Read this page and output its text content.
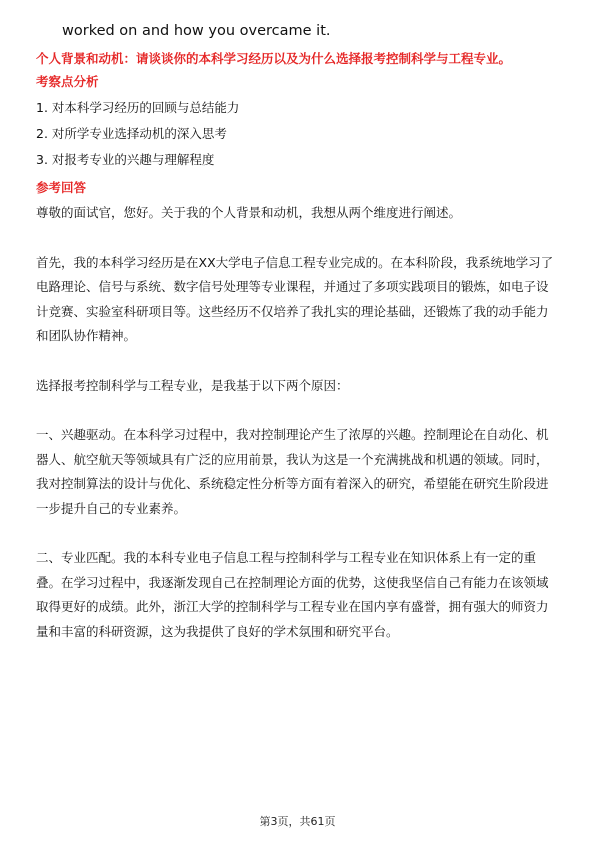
worked on and how you overcame it.

个人背景和动机：请谈谈你的本科学习经历以及为什么选择报考控制科学与工程专业。

考察点分析
1. 对本科学习经历的回顾与总结能力
2. 对所学专业选择动机的深入思考
3. 对报考专业的兴趣与理解程度
参考回答

尊敬的面试官，您好。关于我的个人背景和动机，我想从两个维度进行阐述。

首先，我的本科学习经历是在XX大学电子信息工程专业完成的。在本科阶段，我系统地学习了电路理论、信号与系统、数字信号处理等专业课程，并通过了多项实践项目的锻炼，如电子设计竞赛、实验室科研项目等。这些经历不仅培养了我扎实的理论基础，还锻炼了我的动手能力和团队协作精神。

选择报考控制科学与工程专业，是我基于以下两个原因：

一、兴趣驱动。在本科学习过程中，我对控制理论产生了浓厚的兴趣。控制理论在自动化、机器人、航空航天等领域具有广泛的应用前景，我认为这是一个充满挑战和机遇的领域。同时，我对控制算法的设计与优化、系统稳定性分析等方面有着深入的研究，希望能在研究生阶段进一步提升自己的专业素养。

二、专业匹配。我的本科专业电子信息工程与控制科学与工程专业在知识体系上有一定的重叠。在学习过程中，我逐渐发现自己在控制理论方面的优势，这使我坚信自己有能力在该领域取得更好的成绩。此外，浙江大学的控制科学与工程专业在国内享有盛誉，拥有强大的师资力量和丰富的科研资源，这为我提供了良好的学术氛围和研究平台。

第3页，共61页
